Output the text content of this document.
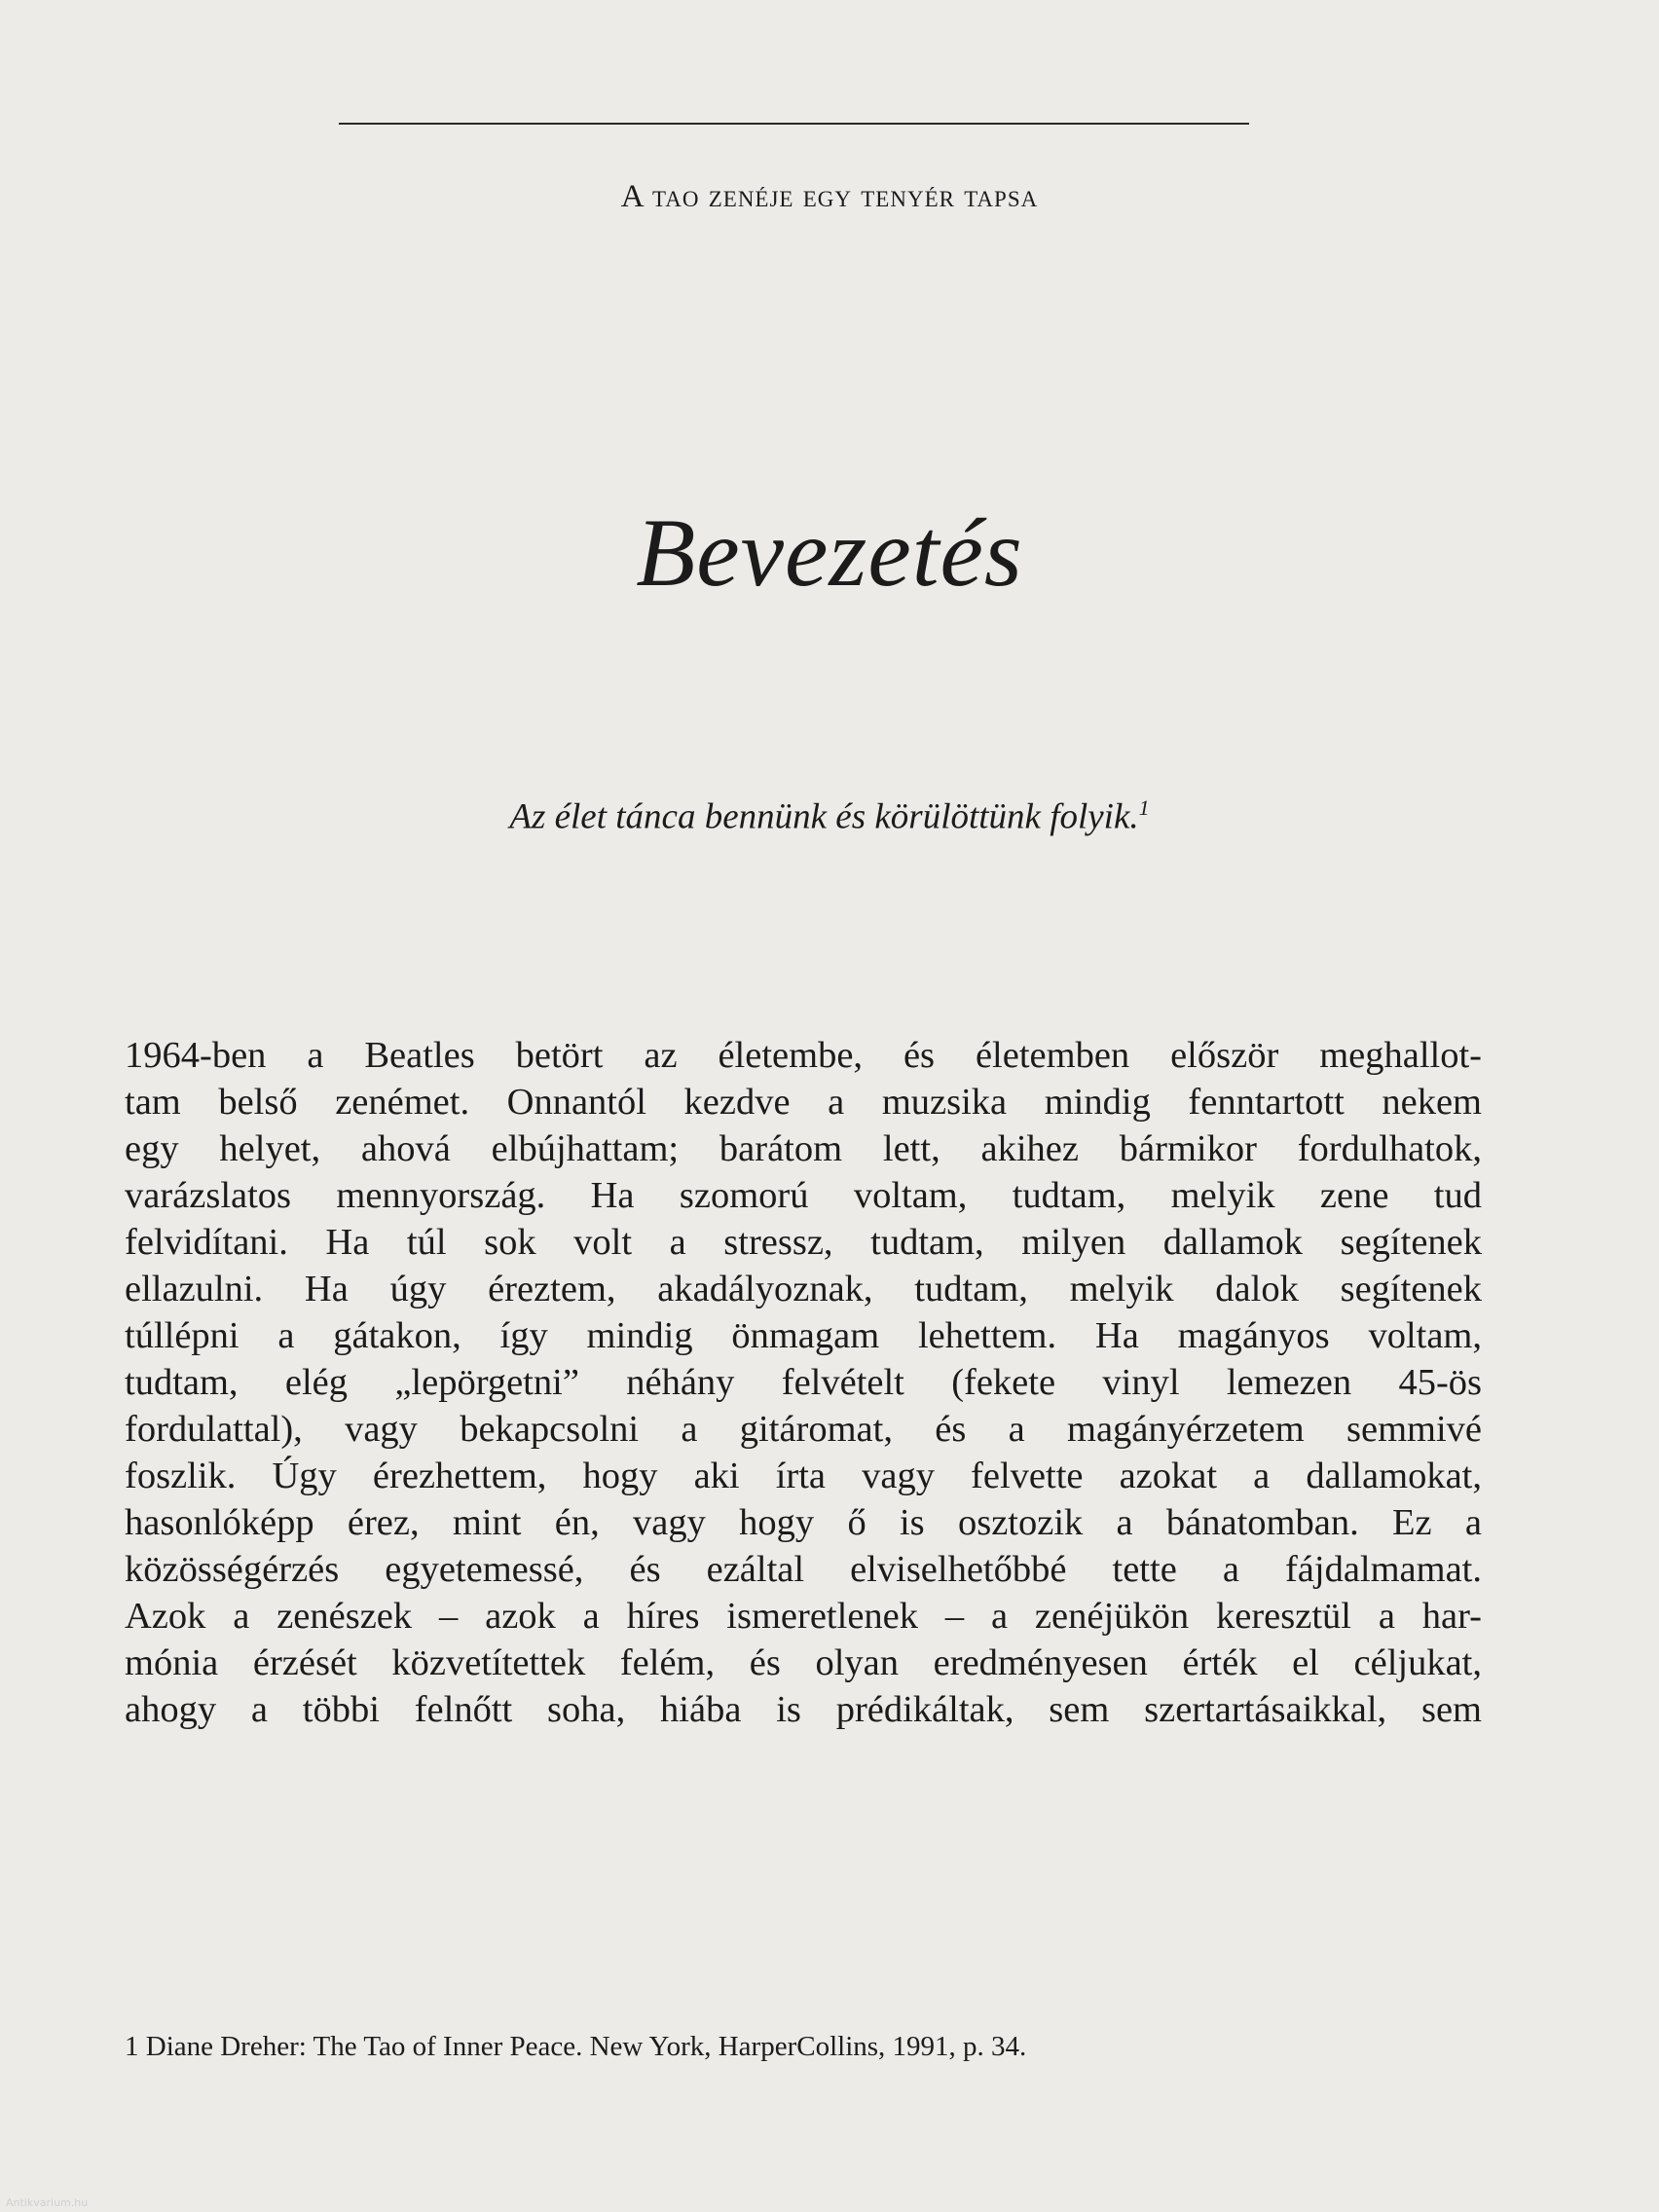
A tao zenéje egy tenyér tapsa
Bevezetés
Az élet tánca bennünk és körülöttünk folyik.$^1$
1964-ben a Beatles betört az életembe, és életemben először meghallot-
tam belső zenémet. Onnantól kezdve a muzsika mindig fenntartott nekem
egy helyet, ahová elbújhattam; barátom lett, akihez bármikor fordulhatok,
varázslatos mennyország. Ha szomorú voltam, tudtam, melyik zene tud
felvidítani. Ha túl sok volt a stressz, tudtam, milyen dallamok segítenek
ellazulni. Ha úgy éreztem, akadályoznak, tudtam, melyik dalok segítenek
túllépni a gátakon, így mindig önmagam lehettem. Ha magányos voltam,
tudtam, elég „lepörgetni” néhány felvételt (fekete vinyl lemezen 45-ös
fordulattal), vagy bekapcsolni a gitáromat, és a magányérzetem semmivé
foszlik. Úgy érezhettem, hogy aki írta vagy felvette azokat a dallamokat,
hasonlóképp érez, mint én, vagy hogy ő is osztozik a bánatomban. Ez a
közösségérzés egyetemessé, és ezáltal elviselhetőbbé tette a fájdalmamat.
Azok a zenészek – azok a híres ismeretlenek – a zenéjükön keresztül a har-
mónia érzését közvetítettek felém, és olyan eredményesen érték el céljukat,
ahogy a többi felnőtt soha, hiába is prédikáltak, sem szertartásaikkal, sem
1 Diane Dreher: The Tao of Inner Peace. New York, HarperCollins, 1991, p. 34.
Antikvarium.hu
